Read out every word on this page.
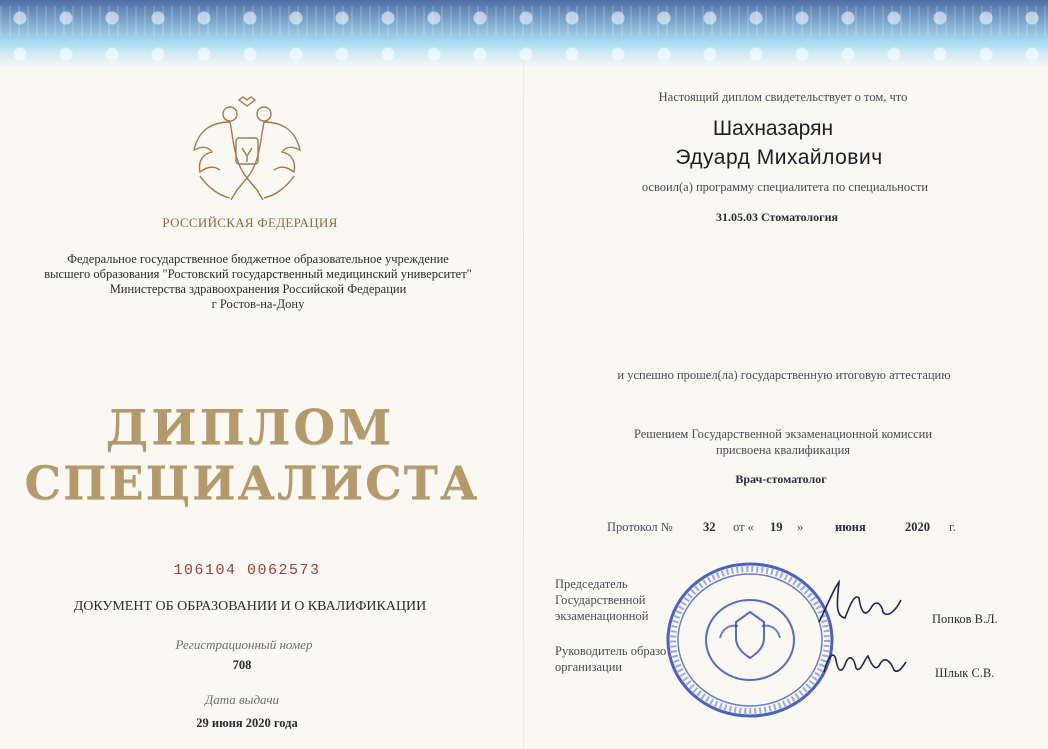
РОССИЙСКАЯ ФЕДЕРАЦИЯ
Федеральное государственное бюджетное образовательное учреждение
высшего образования "Ростовский государственный медицинский университет"
Министерства здравоохранения Российской Федерации
г Ростов-на-Дону
ДИПЛОМ
СПЕЦИАЛИСТА
106104 0062573
ДОКУМЕНТ ОБ ОБРАЗОВАНИИ И О КВАЛИФИКАЦИИ
Регистрационный номер
708
Дата выдачи
29 июня 2020 года
Настоящий диплом свидетельствует о том, что
Шахназарян
Эдуард Михайлович
освоил(а) программу специалитета по специальности
31.05.03 Стоматология
и успешно прошел(ла) государственную итоговую аттестацию
Решением Государственной экзаменационной комиссии
присвоена квалификация
Врач-стоматолог
Протокол № 32 от « 19 »	июня	2020 г.
Председатель
Государственной
экзаменационной
Руководитель образо
организации
Попков В.Л.
Шлык С.В.
